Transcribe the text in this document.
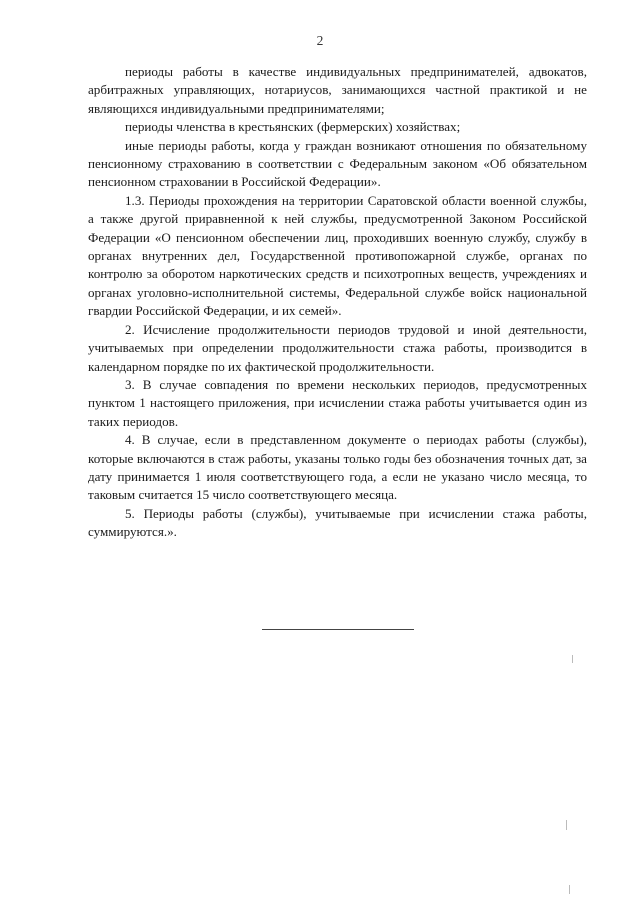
2

периоды работы в качестве индивидуальных предпринимателей, адвокатов, арбитражных управляющих, нотариусов, занимающихся частной практикой и не являющихся индивидуальными предпринимателями;

периоды членства в крестьянских (фермерских) хозяйствах;

иные периоды работы, когда у граждан возникают отношения по обязательному пенсионному страхованию в соответствии с Федеральным законом «Об обязательном пенсионном страховании в Российской Федерации».

1.3. Периоды прохождения на территории Саратовской области военной службы, а также другой приравненной к ней службы, предусмотренной Законом Российской Федерации «О пенсионном обеспечении лиц, проходивших военную службу, службу в органах внутренних дел, Государственной противопожарной службе, органах по контролю за оборотом наркотических средств и психотропных веществ, учреждениях и органах уголовно-исполнительной системы, Федеральной службе войск национальной гвардии Российской Федерации, и их семей».

2. Исчисление продолжительности периодов трудовой и иной деятельности, учитываемых при определении продолжительности стажа работы, производится в календарном порядке по их фактической продолжительности.

3. В случае совпадения по времени нескольких периодов, предусмотренных пунктом 1 настоящего приложения, при исчислении стажа работы учитывается один из таких периодов.

4. В случае, если в представленном документе о периодах работы (службы), которые включаются в стаж работы, указаны только годы без обозначения точных дат, за дату принимается 1 июля соответствующего года, а если не указано число месяца, то таковым считается 15 число соответствующего месяца.

5. Периоды работы (службы), учитываемые при исчислении стажа работы, суммируются.».
